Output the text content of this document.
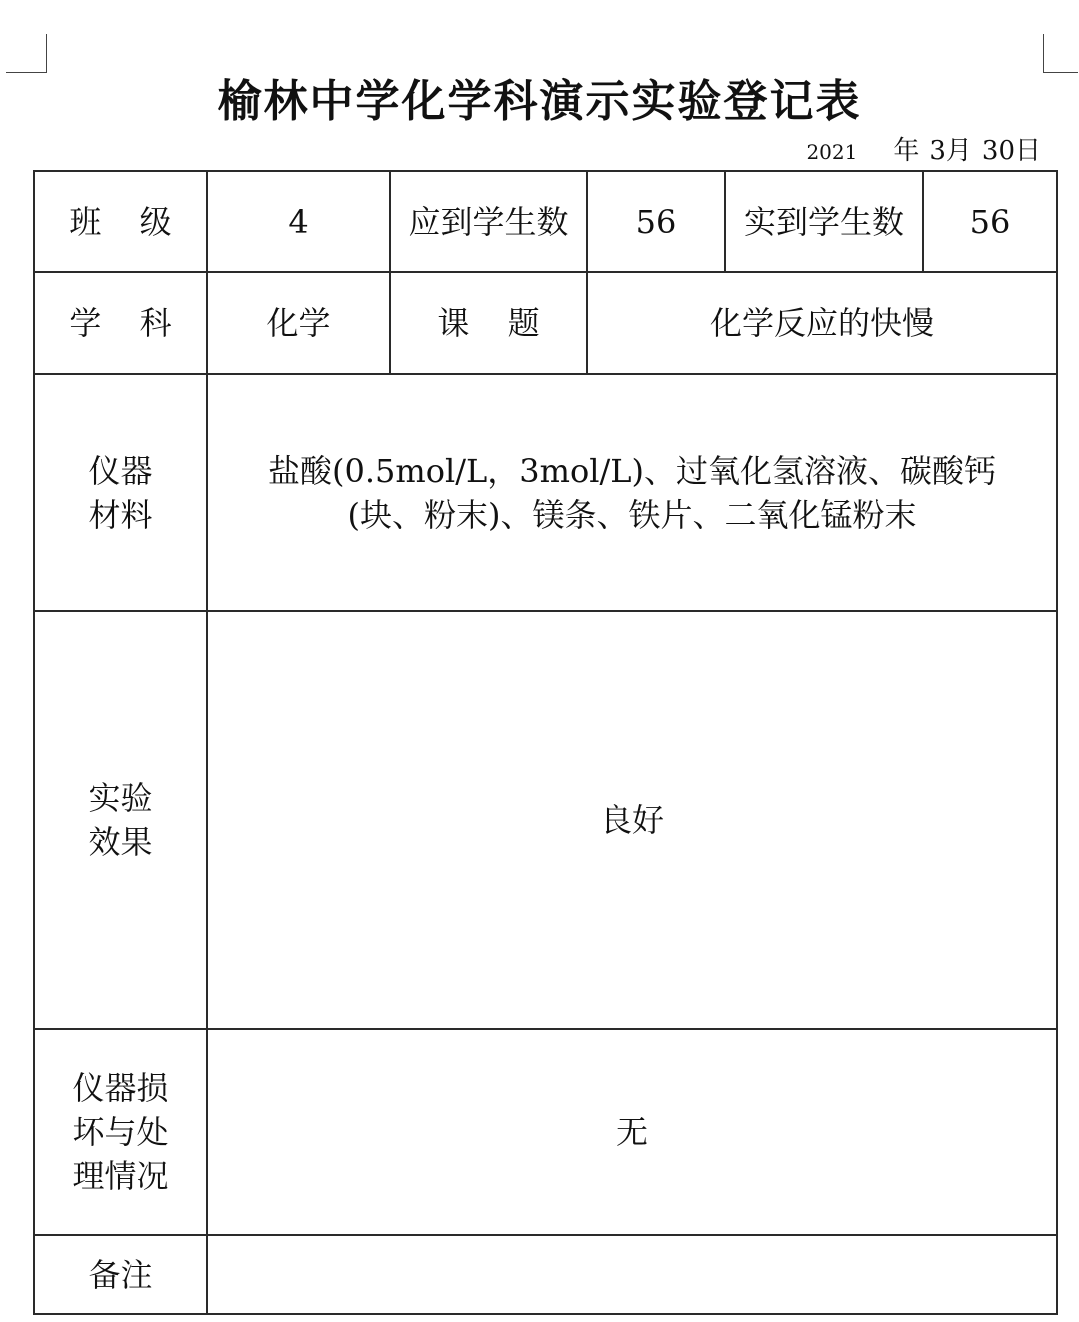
榆林中学化学科演示实验登记表
2021 年 3月 30日
班 级	4	应到学生数	56	实到学生数	56
学 科	化学	课 题	化学反应的快慢		

仪器
材料	盐酸(0.5mol/L，3mol/L)、过氧化氢溶液、碳酸钙
(块、粉末)、镁条、铁片、二氧化锰粉末				

实验
效果	良好				

仪器损
坏与处
理情况	无				
备注					
